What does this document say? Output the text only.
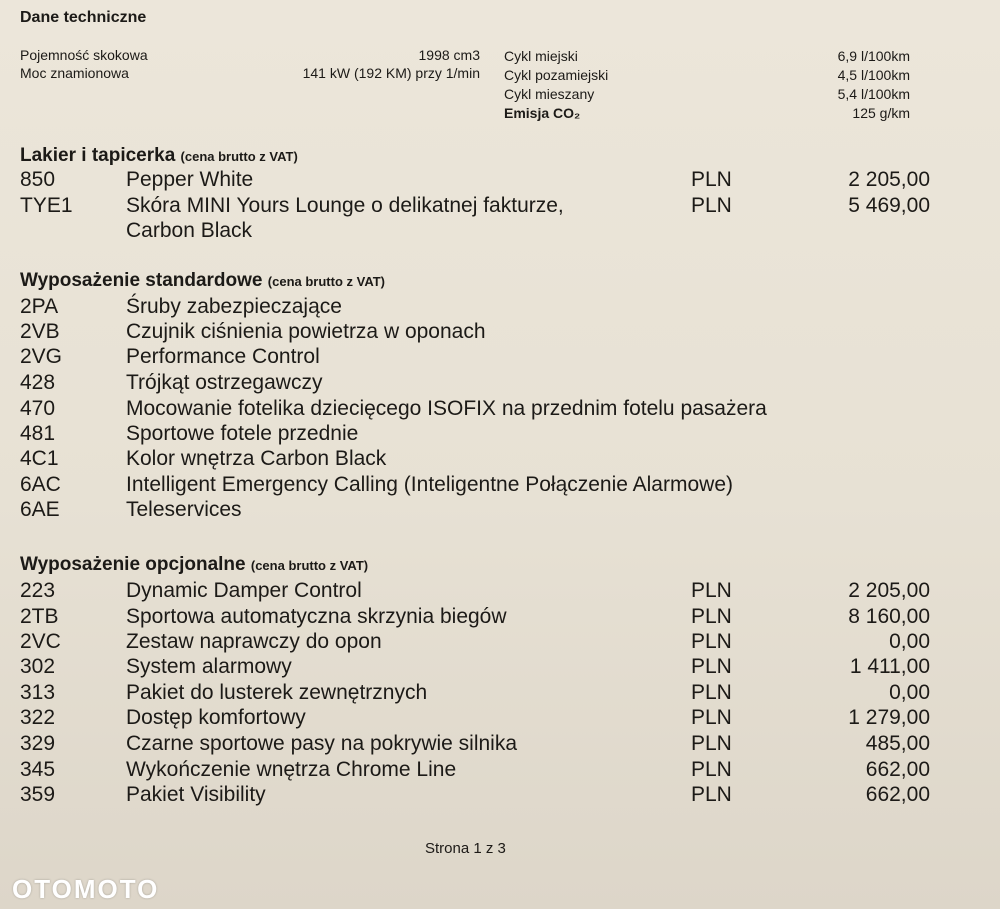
Dane techniczne
Pojemność skokowa	1998 cm3
Moc znamionowa	141 kW (192 KM) przy 1/min
Cykl miejski	6,9 l/100km
Cykl pozamiejski	4,5 l/100km
Cykl mieszany	5,4 l/100km
Emisja CO₂	125 g/km
Lakier i tapicerka (cena brutto z VAT)
850	Pepper White	PLN	2 205,00
TYE1	Skóra MINI Yours Lounge o delikatnej fakturze,	PLN	5 469,00
Carbon Black
Wyposażenie standardowe (cena brutto z VAT)
2PA	Śruby zabezpieczające
2VB	Czujnik ciśnienia powietrza w oponach
2VG	Performance Control
428	Trójkąt ostrzegawczy
470	Mocowanie fotelika dziecięcego ISOFIX na przednim fotelu pasażera
481	Sportowe fotele przednie
4C1	Kolor wnętrza Carbon Black
6AC	Intelligent Emergency Calling (Inteligentne Połączenie Alarmowe)
6AE	Teleservices
Wyposażenie opcjonalne (cena brutto z VAT)
223	Dynamic Damper Control	PLN	2 205,00
2TB	Sportowa automatyczna skrzynia biegów	PLN	8 160,00
2VC	Zestaw naprawczy do opon	PLN	0,00
302	System alarmowy	PLN	1 411,00
313	Pakiet do lusterek zewnętrznych	PLN	0,00
322	Dostęp komfortowy	PLN	1 279,00
329	Czarne sportowe pasy na pokrywie silnika	PLN	485,00
345	Wykończenie wnętrza Chrome Line	PLN	662,00
359	Pakiet Visibility	PLN	662,00
Strona 1 z 3
OTOMOTO
